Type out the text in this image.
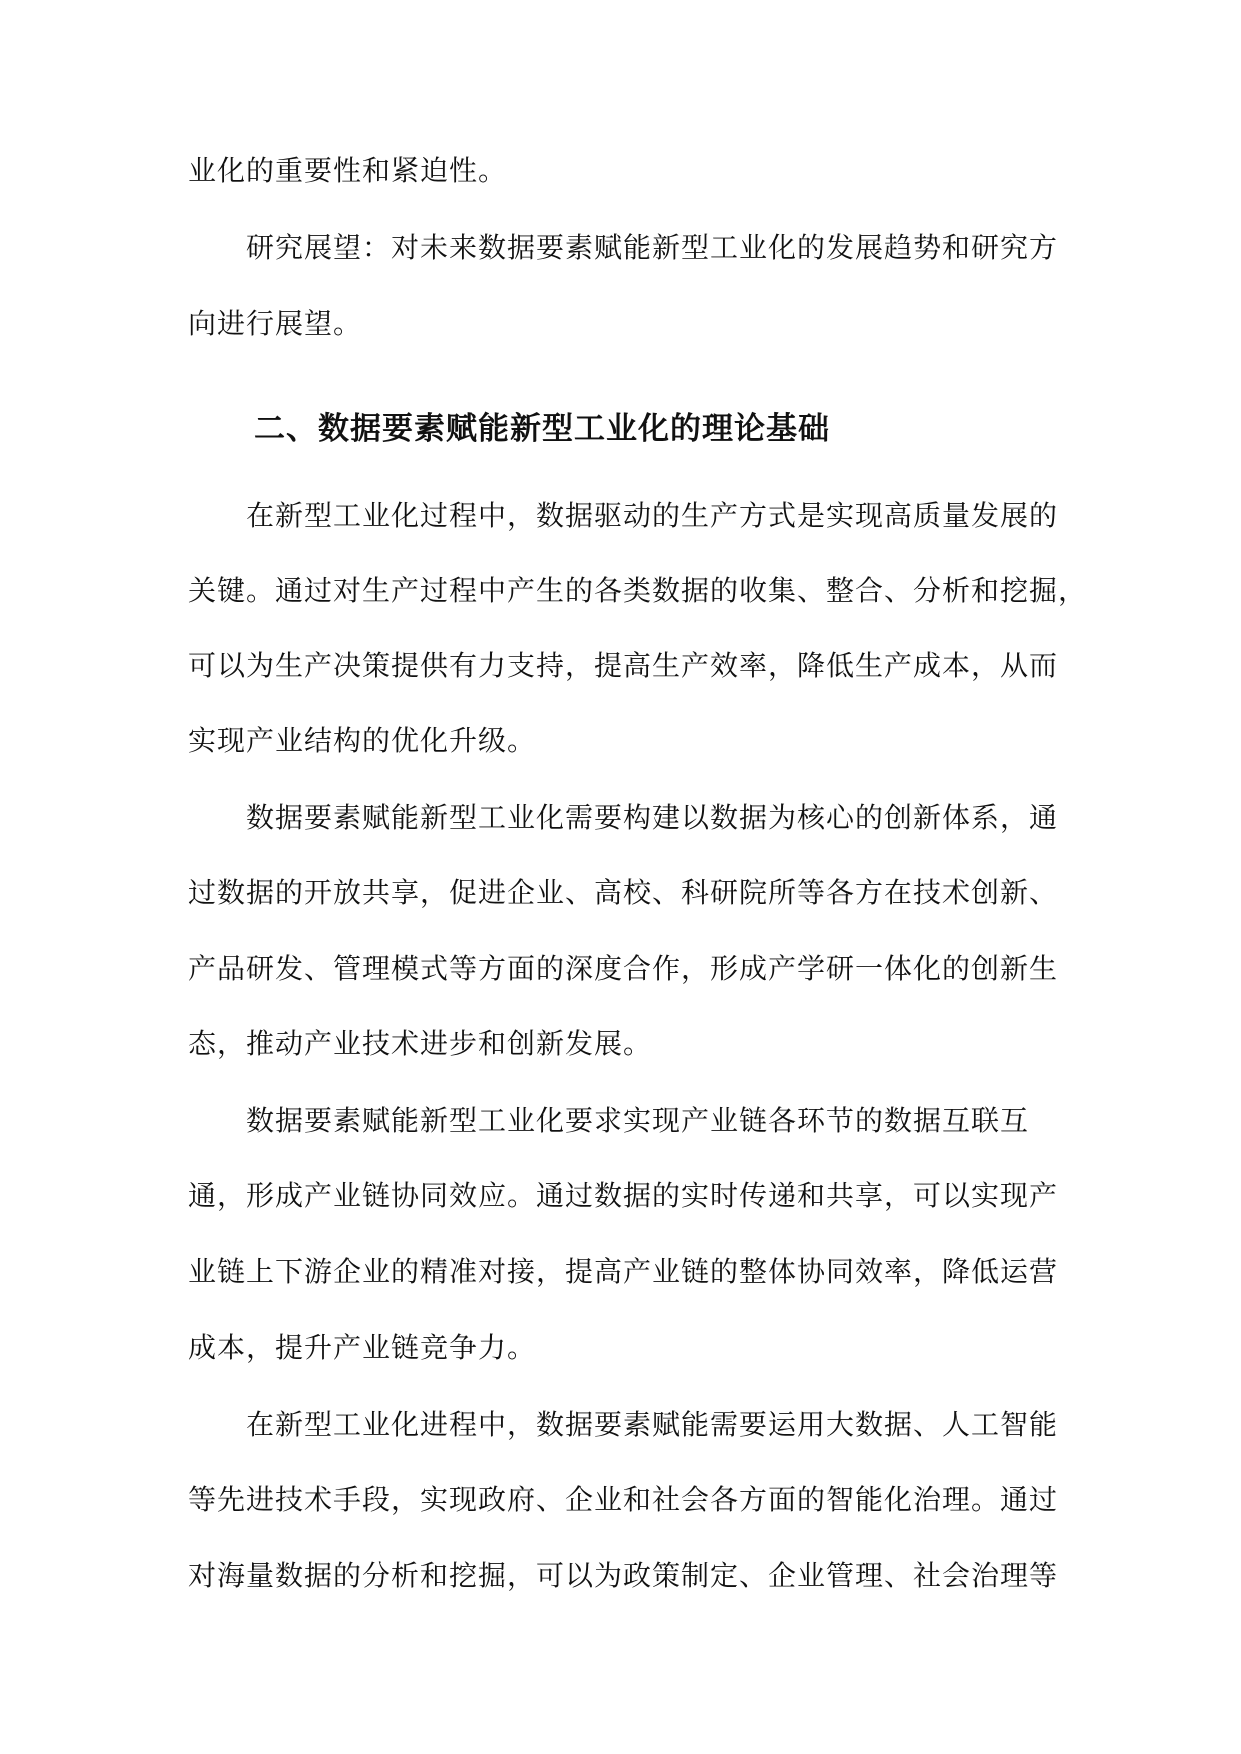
业化的重要性和紧迫性。
研究展望：对未来数据要素赋能新型工业化的发展趋势和研究方
向进行展望。
二、数据要素赋能新型工业化的理论基础
在新型工业化过程中，数据驱动的生产方式是实现高质量发展的
关键。通过对生产过程中产生的各类数据的收集、整合、分析和挖掘，
可以为生产决策提供有力支持，提高生产效率，降低生产成本，从而
实现产业结构的优化升级。
数据要素赋能新型工业化需要构建以数据为核心的创新体系，通
过数据的开放共享，促进企业、高校、科研院所等各方在技术创新、
产品研发、管理模式等方面的深度合作，形成产学研一体化的创新生
态，推动产业技术进步和创新发展。
数据要素赋能新型工业化要求实现产业链各环节的数据互联互
通，形成产业链协同效应。通过数据的实时传递和共享，可以实现产
业链上下游企业的精准对接，提高产业链的整体协同效率，降低运营
成本，提升产业链竞争力。
在新型工业化进程中，数据要素赋能需要运用大数据、人工智能
等先进技术手段，实现政府、企业和社会各方面的智能化治理。通过
对海量数据的分析和挖掘，可以为政策制定、企业管理、社会治理等
